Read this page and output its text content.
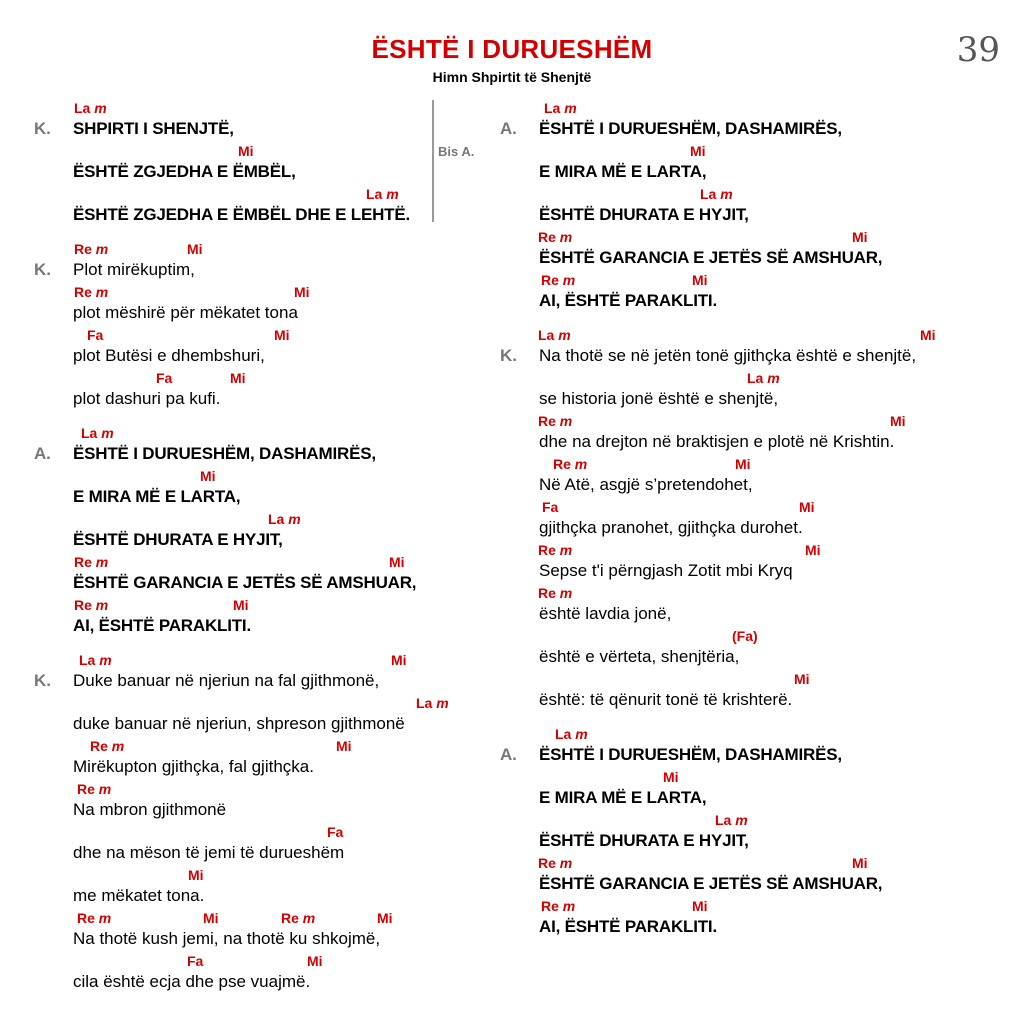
ËSHTË I DURUESHËM
Himn Shpirtit të Shenjtë
39
La m
K. SHPIRTI I SHENJTË,
Mi
ËSHTË ZGJEDHA E ËMBËL,
La m
ËSHTË ZGJEDHA E ËMBËL DHE E LEHTË.
Re m	Mi
K. Plot mirëkuptim,
Re m	Mi
plot mëshirë për mëkatet tona
Fa	Mi
plot Butësi e dhembshuri,
Fa	Mi
plot dashuri pa kufi.
La m
A. ËSHTË I DURUESHËM, DASHAMIRËS,
Mi
E MIRA MË E LARTA,
La m
ËSHTË DHURATA E HYJIT,
Re m	Mi
ËSHTË GARANCIA E JETËS SË AMSHUAR,
Re m	Mi
AI, ËSHTË PARAKLITI.
La m	Mi
K. Duke banuar në njeriun na fal gjithmonë,
La m
duke banuar në njeriun, shpreson gjithmonë
Re m	Mi
Mirëkupton gjithçka, fal gjithçka.
Re m
Na mbron gjithmonë
Fa
dhe na mëson të jemi të durueshëm
Mi
me mëkatet tona.
Re m	Mi	Re m	Mi
Na thotë kush jemi, na thotë ku shkojmë,
Fa	Mi
cila është ecja dhe pse vuajmë.
La m
A. ËSHTË I DURUESHËM, DASHAMIRËS,
Mi
E MIRA MË E LARTA,
La m
ËSHTË DHURATA E HYJIT,
Re m	Mi
ËSHTË GARANCIA E JETËS SË AMSHUAR,
Re m	Mi
AI, ËSHTË PARAKLITI.
La m	Mi
K. Na thotë se në jetën tonë gjithçka është e shenjtë,
La m
se historia jonë është e shenjtë,
Re m	Mi
dhe na drejton në braktisjen e plotë në Krishtin.
Re m	Mi
Në Atë, asgjë s’pretendohet,
Fa	Mi
gjithçka pranohet, gjithçka durohet.
Re m	Mi
Sepse t'i përngjash Zotit mbi Kryq
Re m
është lavdia jonë,
(Fa)
është e vërteta, shenjtëria,
Mi
është: të qënurit tonë të krishterë.
La m
A. ËSHTË I DURUESHËM, DASHAMIRËS,
Mi
E MIRA MË E LARTA,
La m
ËSHTË DHURATA E HYJIT,
Re m	Mi
ËSHTË GARANCIA E JETËS SË AMSHUAR,
Re m	Mi
AI, ËSHTË PARAKLITI.
Bis A.
